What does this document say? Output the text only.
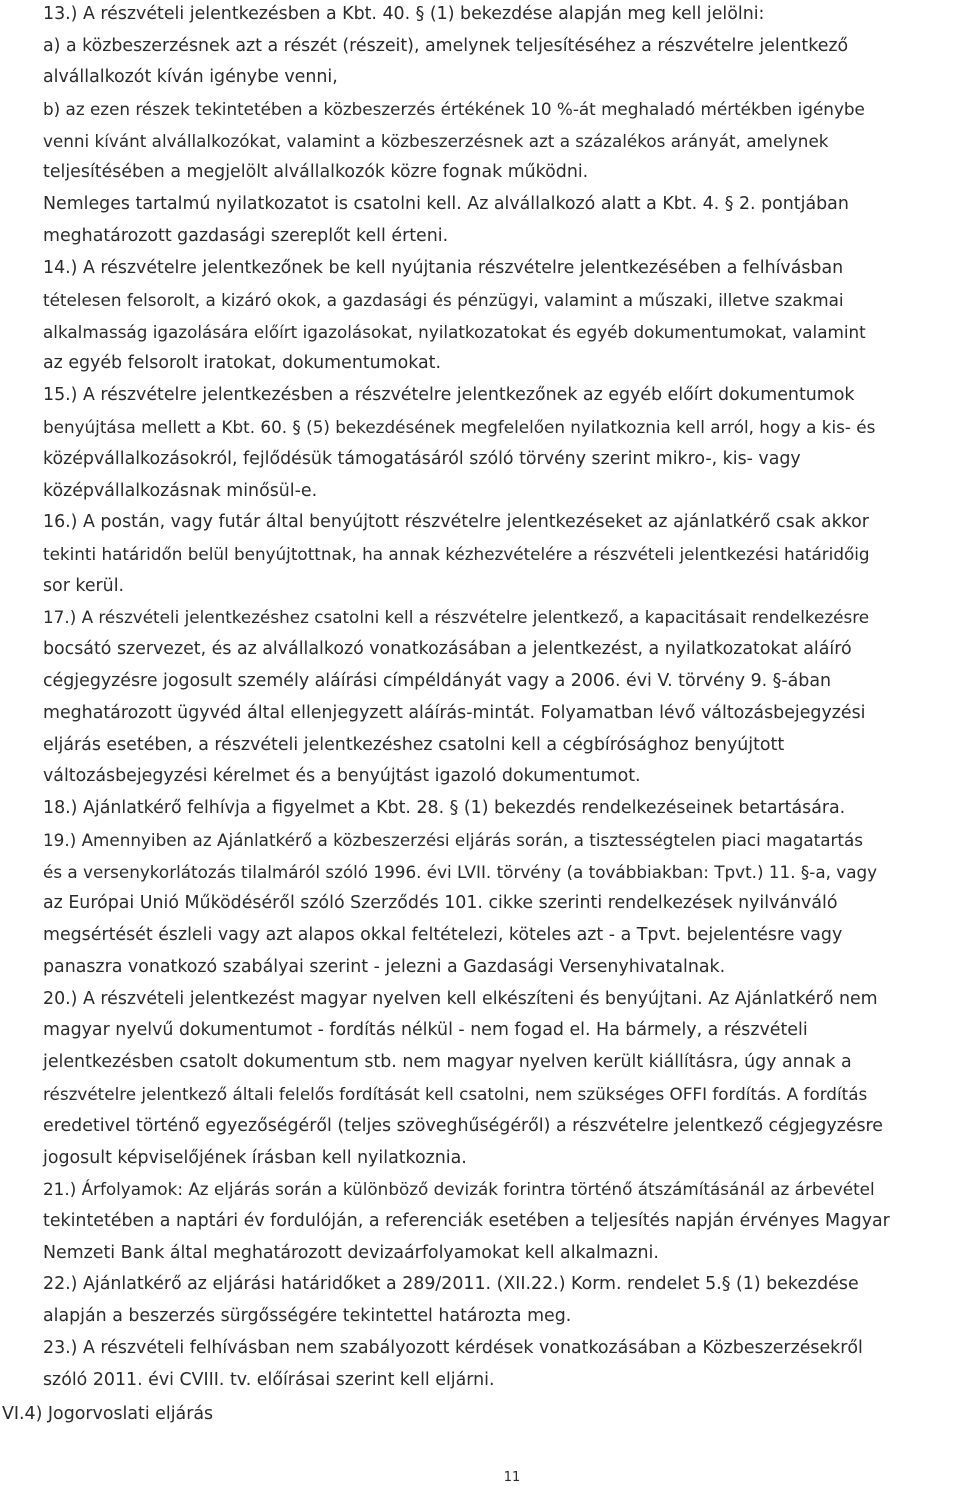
13.) A részvételi jelentkezésben a Kbt. 40. § (1) bekezdése alapján meg kell jelölni:

a) a közbeszerzésnek azt a részét (részeit), amelynek teljesítéséhez a részvételre jelentkező

alvállalkozót kíván igénybe venni,

b) az ezen részek tekintetében a közbeszerzés értékének 10 %-át meghaladó mértékben igénybe

venni kívánt alvállalkozókat, valamint a közbeszerzésnek azt a százalékos arányát, amelynek

teljesítésében a megjelölt alvállalkozók közre fognak működni.

Nemleges tartalmú nyilatkozatot is csatolni kell. Az alvállalkozó alatt a Kbt. 4. § 2. pontjában

meghatározott gazdasági szereplőt kell érteni.

14.) A részvételre jelentkezőnek be kell nyújtania részvételre jelentkezésében a felhívásban

tételesen felsorolt, a kizáró okok, a gazdasági és pénzügyi, valamint a műszaki, illetve szakmai

alkalmasság igazolására előírt igazolásokat, nyilatkozatokat és egyéb dokumentumokat, valamint

az egyéb felsorolt iratokat, dokumentumokat.

15.) A részvételre jelentkezésben a részvételre jelentkezőnek az egyéb előírt dokumentumok

benyújtása mellett a Kbt. 60. § (5) bekezdésének megfelelően nyilatkoznia kell arról, hogy a kis- és

középvállalkozásokról, fejlődésük támogatásáról szóló törvény szerint mikro-, kis- vagy

középvállalkozásnak minősül-e.

16.) A postán, vagy futár által benyújtott részvételre jelentkezéseket az ajánlatkérő csak akkor

tekinti határidőn belül benyújtottnak, ha annak kézhezvételére a részvételi jelentkezési határidőig

sor kerül.

17.) A részvételi jelentkezéshez csatolni kell a részvételre jelentkező, a kapacitásait rendelkezésre

bocsátó szervezet, és az alvállalkozó vonatkozásában a jelentkezést, a nyilatkozatokat aláíró

cégjegyzésre jogosult személy aláírási címpéldányát vagy a 2006. évi V. törvény 9. §-ában

meghatározott ügyvéd által ellenjegyzett aláírás-mintát. Folyamatban lévő változásbejegyzési

eljárás esetében, a részvételi jelentkezéshez csatolni kell a cégbírósághoz benyújtott

változásbejegyzési kérelmet és a benyújtást igazoló dokumentumot.

18.) Ajánlatkérő felhívja a figyelmet a Kbt. 28. § (1) bekezdés rendelkezéseinek betartására.

19.) Amennyiben az Ajánlatkérő a közbeszerzési eljárás során, a tisztességtelen piaci magatartás

és a versenykorlátozás tilalmáról szóló 1996. évi LVII. törvény (a továbbiakban: Tpvt.) 11. §-a, vagy

az Európai Unió Működéséről szóló Szerződés 101. cikke szerinti rendelkezések nyilvánváló

megsértését észleli vagy azt alapos okkal feltételezi, köteles azt - a Tpvt. bejelentésre vagy

panaszra vonatkozó szabályai szerint - jelezni a Gazdasági Versenyhivatalnak.

20.) A részvételi jelentkezést magyar nyelven kell elkészíteni és benyújtani. Az Ajánlatkérő nem

magyar nyelvű dokumentumot - fordítás nélkül - nem fogad el. Ha bármely, a részvételi

jelentkezésben csatolt dokumentum stb. nem magyar nyelven került kiállításra, úgy annak a

részvételre jelentkező általi felelős fordítását kell csatolni, nem szükséges OFFI fordítás. A fordítás

eredetivel történő egyezőségéről (teljes szöveghűségéről) a részvételre jelentkező cégjegyzésre

jogosult képviselőjének írásban kell nyilatkoznia.

21.) Árfolyamok: Az eljárás során a különböző devizák forintra történő átszámításánál az árbevétel

tekintetében a naptári év fordulóján, a referenciák esetében a teljesítés napján érvényes Magyar

Nemzeti Bank által meghatározott devizaárfolyamokat kell alkalmazni.

22.) Ajánlatkérő az eljárási határidőket a 289/2011. (XII.22.) Korm. rendelet 5.§ (1) bekezdése

alapján a beszerzés sürgősségére tekintettel határozta meg.

23.) A részvételi felhívásban nem szabályozott kérdések vonatkozásában a Közbeszerzésekről

szóló 2011. évi CVIII. tv. előírásai szerint kell eljárni.

VI.4) Jogorvoslati eljárás

11
